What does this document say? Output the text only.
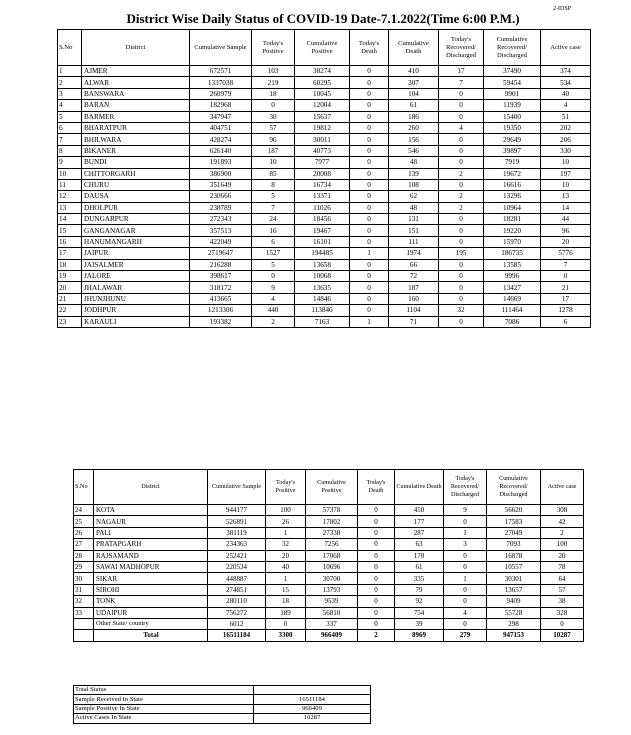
2-IDSP
District Wise Daily Status of COVID-19 Date-7.1.2022(Time 6:00 P.M.)
S.No	District	Cumulative Sample	Today's Positive	Cumulative Positive	Today's Death	Cumulative Death	Today's Recovered/ Discharged	Cumulative Recovered/ Discharged	Active case
1	AJMER	672571	103	38274	0	410	17	37490	374
2	ALWAR	1337038	219	60295	0	307	7	59454	534
3	BANSWARA	260979	18	10045	0	104	0	9901	40
4	BARAN	182968	0	12004	0	61	0	11939	4
5	BARMER	347947	30	15637	0	186	0	15400	51
6	BHARATPUR	404751	57	19812	0	260	4	19350	202
7	BHILWARA	428274	96	30011	0	156	0	29649	206
8	BIKANER	626140	187	40773	0	546	0	39897	330
9	BUNDI	191893	10	7977	0	48	0	7919	10
10	CHITTORGARH	386900	85	20008	0	139	2	19672	197
11	CHURU	351649	8	16734	0	108	0	16616	10
12	DAUSA	230666	5	13371	0	62	2	13296	13
13	DHOLPUR	238789	7	11026	0	48	2	10964	14
14	DUNGARPUR	272343	24	18456	0	131	0	18281	44
15	GANGANAGAR	357513	16	19467	0	151	0	19220	96
16	HANUMANGARH	422049	6	16101	0	111	0	15970	20
17	JAIPUR	2719647	1527	194485	1	1974	195	186735	5776
18	JAISALMER	216288	5	13658	0	66	0	13585	7
19	JALORE	398617	0	10068	0	72	0	9996	0
20	JHALAWAR	318172	9	13635	0	187	0	13427	21
21	JHUNJHUNU	413665	4	14846	0	160	0	14669	17
22	JODHPUR	1213306	440	113846	0	1104	32	111464	1278
23	KARAULI	193382	2	7163	1	71	0	7086	6
S.No	District	Cumulative Sample	Today's Positive	Cumulative Positive	Today's Death	Cumulative Death	Today's Recovered/ Discharged	Cumulative Recovered/ Discharged	Active case
24	KOTA	944177	100	57378	0	450	9	56620	308
25	NAGAUR	526891	26	17802	0	177	0	17583	42
26	PALI	381119	1	27338	0	287	1	27049	2
27	PRATAPGARH	234363	32	7256	0	63	3	7093	100
28	RAJSAMAND	252421	20	17068	0	170	0	16878	20
29	SAWAI MADHOPUR	220534	40	10696	0	61	0	10557	78
30	SIKAR	448887	1	30700	0	335	1	30301	64
31	SIROHI	274851	15	13793	0	79	0	13657	57
32	TONK	280110	18	9539	0	92	0	9409	38
33	UDAIPUR	756272	189	56810	0	754	4	55728	328
	Other State/ country	6012	0	337	0	39	0	298	0
	Total	16511184	3300	966409	2	8969	279	947153	10287
Total Status	
Sample Received In State	16511184
Sample Positive In State	966409
Active Cases In State	10287
